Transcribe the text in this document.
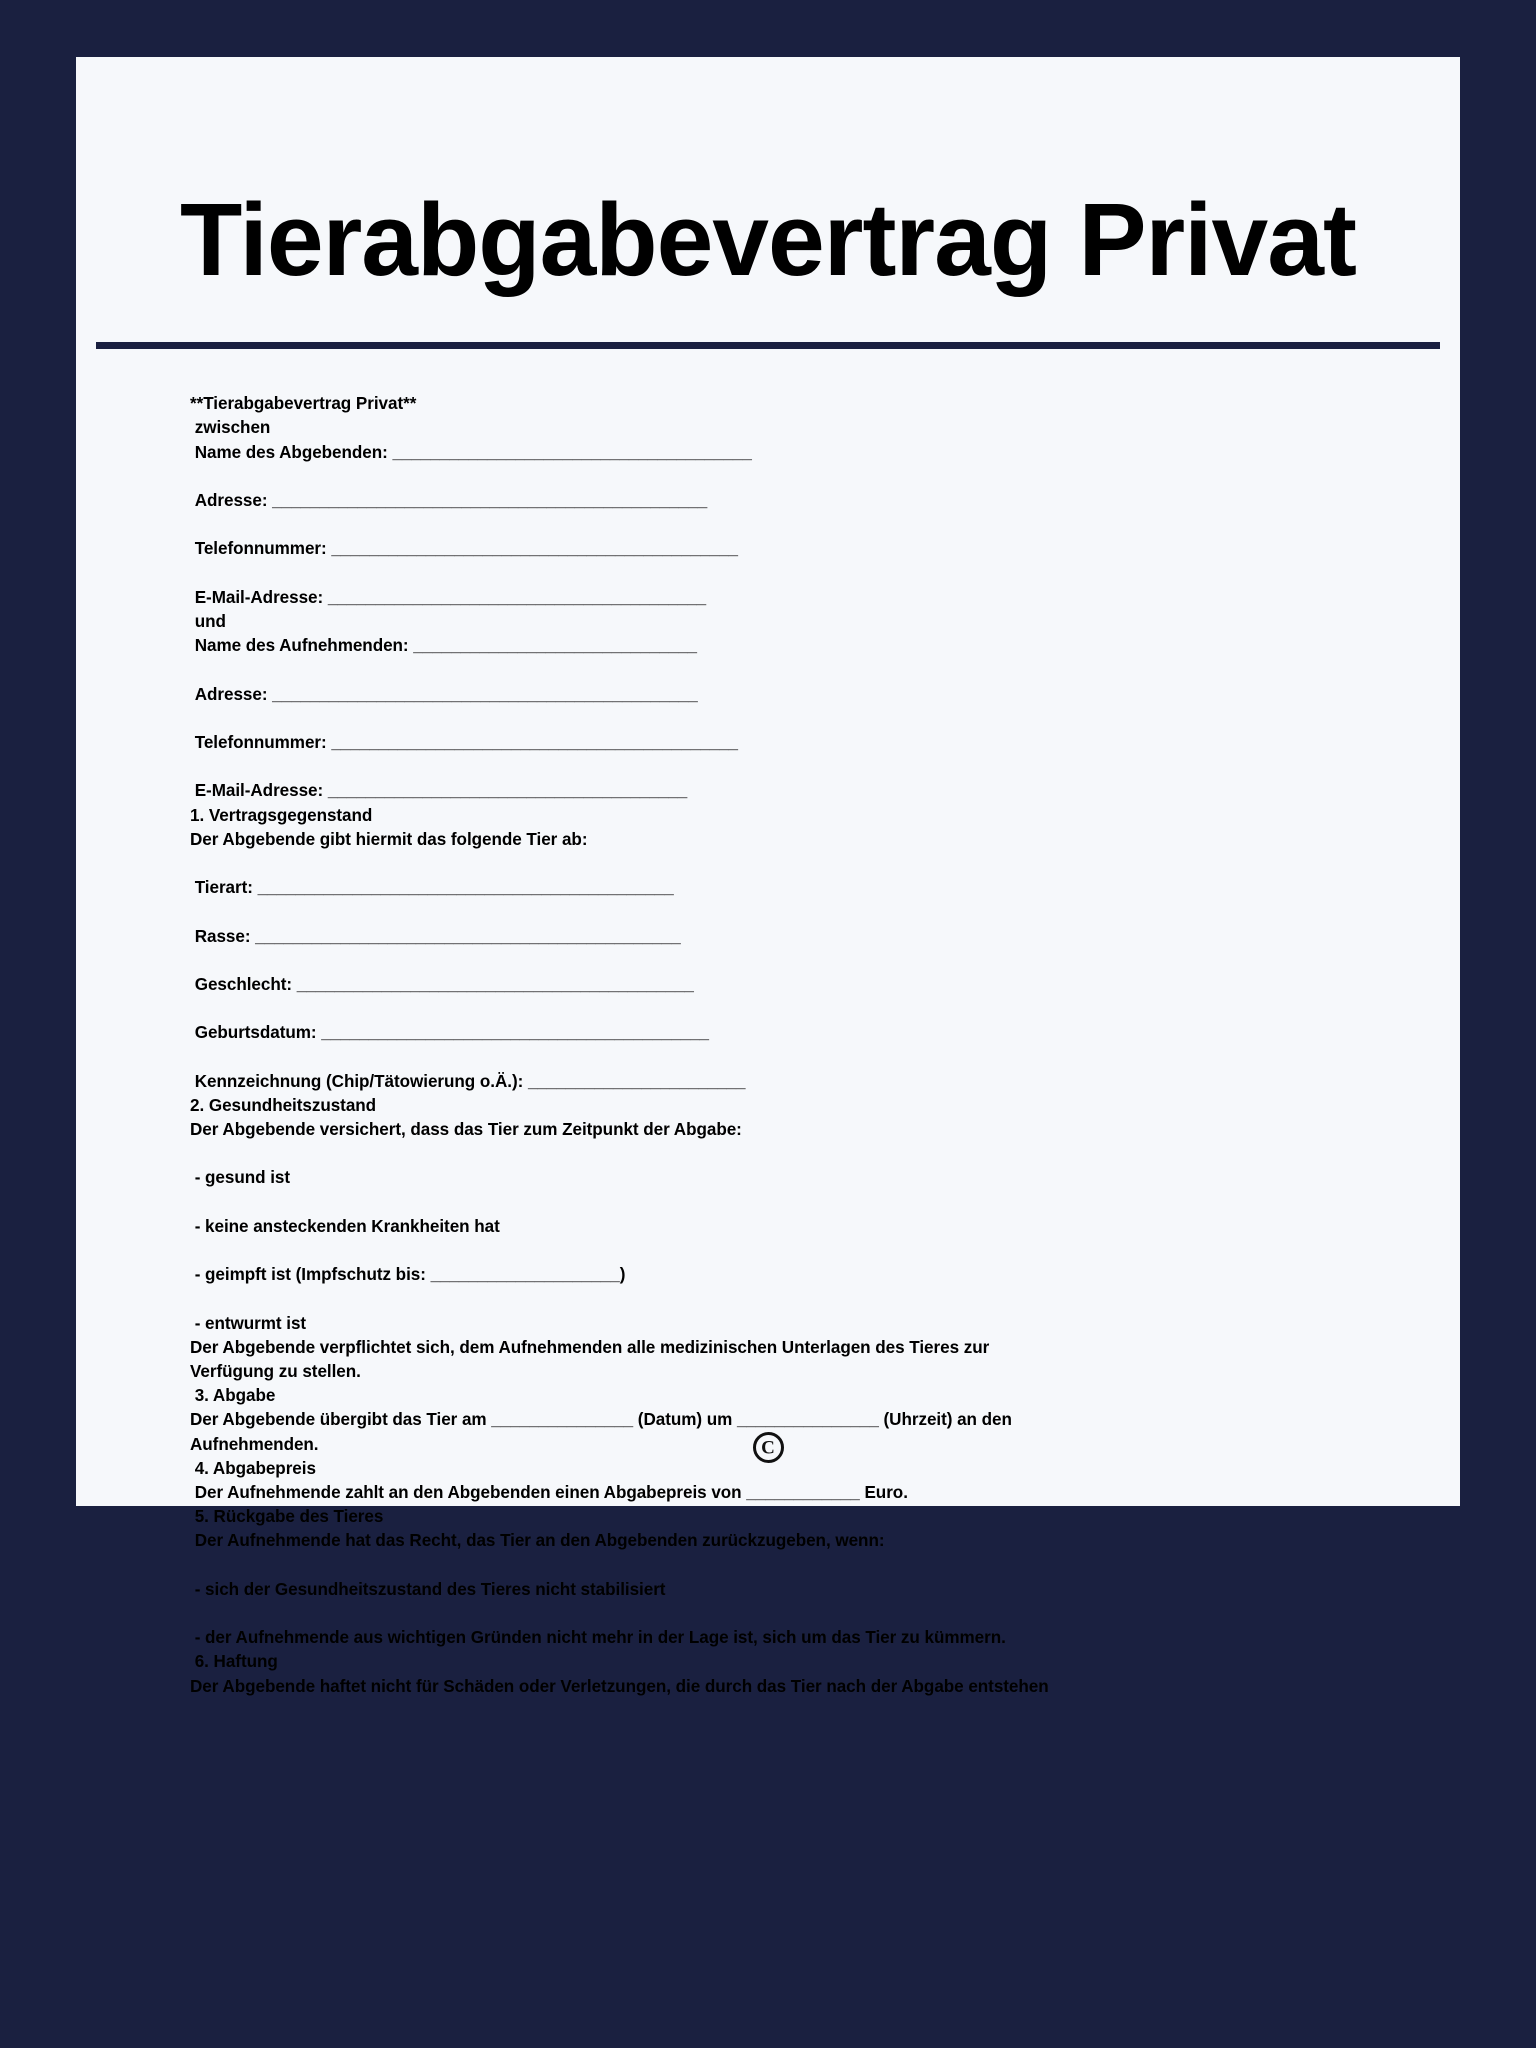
Tierabgabevertrag Privat
**Tierabgabevertrag Privat**
zwischen
Name des Abgebenden: ______________________________________
Adresse: ______________________________________________
Telefonnummer: ___________________________________________
E-Mail-Adresse: ________________________________________
und
Name des Aufnehmenden: ______________________________
Adresse: _____________________________________________
Telefonnummer: ___________________________________________
E-Mail-Adresse: ______________________________________
1. Vertragsgegenstand
Der Abgebende gibt hiermit das folgende Tier ab:
Tierart: ____________________________________________
Rasse: _____________________________________________
Geschlecht: __________________________________________
Geburtsdatum: _________________________________________
Kennzeichnung (Chip/Tätowierung o.Ä.): _______________________
2. Gesundheitszustand
Der Abgebende versichert, dass das Tier zum Zeitpunkt der Abgabe:
- gesund ist
- keine ansteckenden Krankheiten hat
- geimpft ist (Impfschutz bis: ____________________)
- entwurmt ist
Der Abgebende verpflichtet sich, dem Aufnehmenden alle medizinischen Unterlagen des Tieres zur
Verfügung zu stellen.
3. Abgabe
Der Abgebende übergibt das Tier am _______________ (Datum) um _______________ (Uhrzeit) an den
Aufnehmenden.
4. Abgabepreis
Der Aufnehmende zahlt an den Abgebenden einen Abgabepreis von ____________ Euro.
5. Rückgabe des Tieres
Der Aufnehmende hat das Recht, das Tier an den Abgebenden zurückzugeben, wenn:
- sich der Gesundheitszustand des Tieres nicht stabilisiert
- der Aufnehmende aus wichtigen Gründen nicht mehr in der Lage ist, sich um das Tier zu kümmern.
6. Haftung
Der Abgebende haftet nicht für Schäden oder Verletzungen, die durch das Tier nach der Abgabe entstehen
C
